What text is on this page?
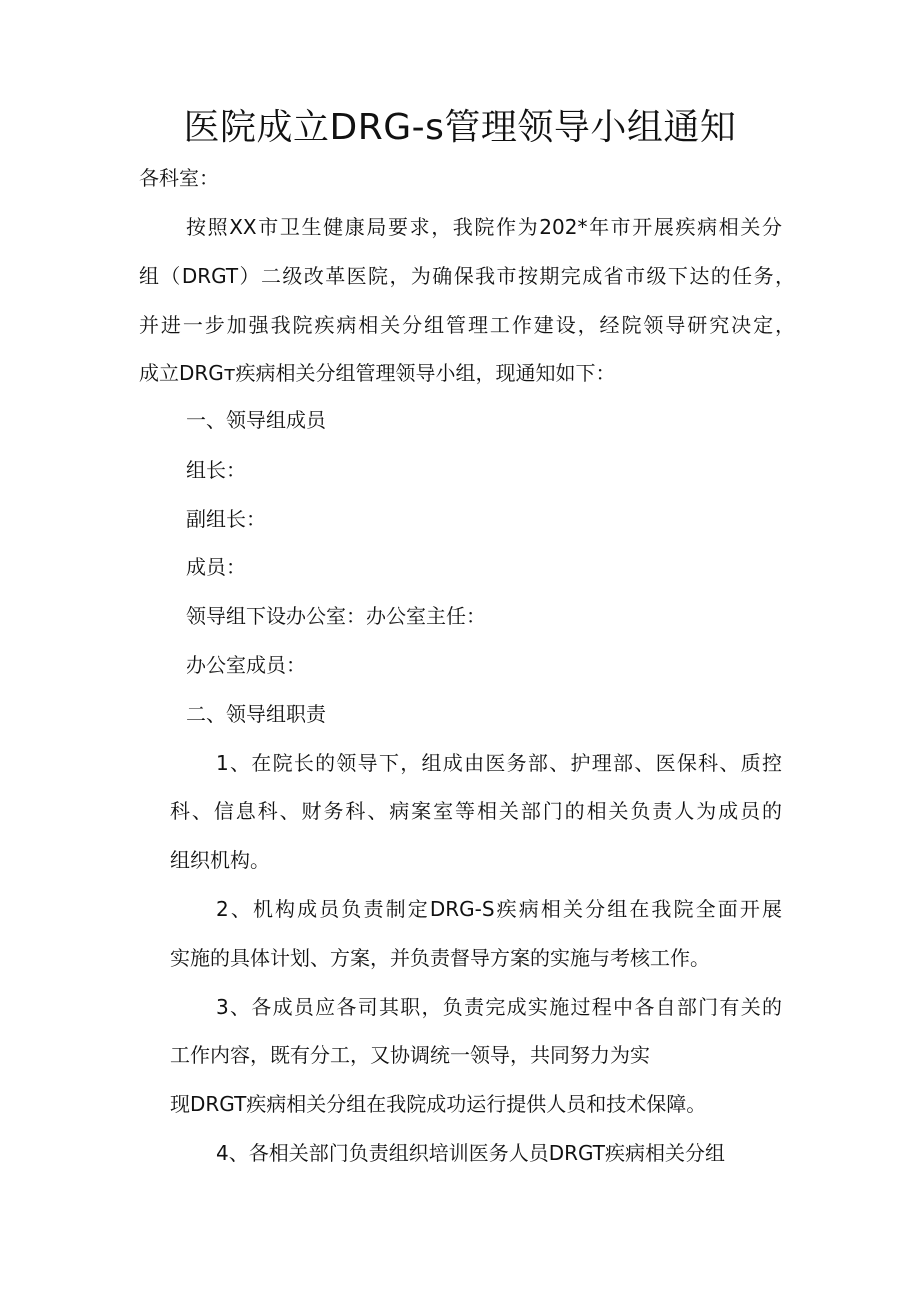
医院成立DRG-s管理领导小组通知
各科室：
按照XX市卫生健康局要求，我院作为202*年市开展疾病相关分
组（DRGT）二级改革医院，为确保我市按期完成省市级下达的任务，
并进一步加强我院疾病相关分组管理工作建设，经院领导研究决定，
成立DRGт疾病相关分组管理领导小组，现通知如下：
一、领导组成员
组长：
副组长：
成员：
领导组下设办公室：办公室主任：
办公室成员：
二、领导组职责
1、在院长的领导下，组成由医务部、护理部、医保科、质控
科、信息科、财务科、病案室等相关部门的相关负责人为成员的
组织机构。
2、机构成员负责制定DRG-S疾病相关分组在我院全面开展
实施的具体计划、方案，并负责督导方案的实施与考核工作。
3、各成员应各司其职，负责完成实施过程中各自部门有关的
工作内容，既有分工，又协调统一领导，共同努力为实
现DRGT疾病相关分组在我院成功运行提供人员和技术保障。
4、各相关部门负责组织培训医务人员DRGT疾病相关分组
